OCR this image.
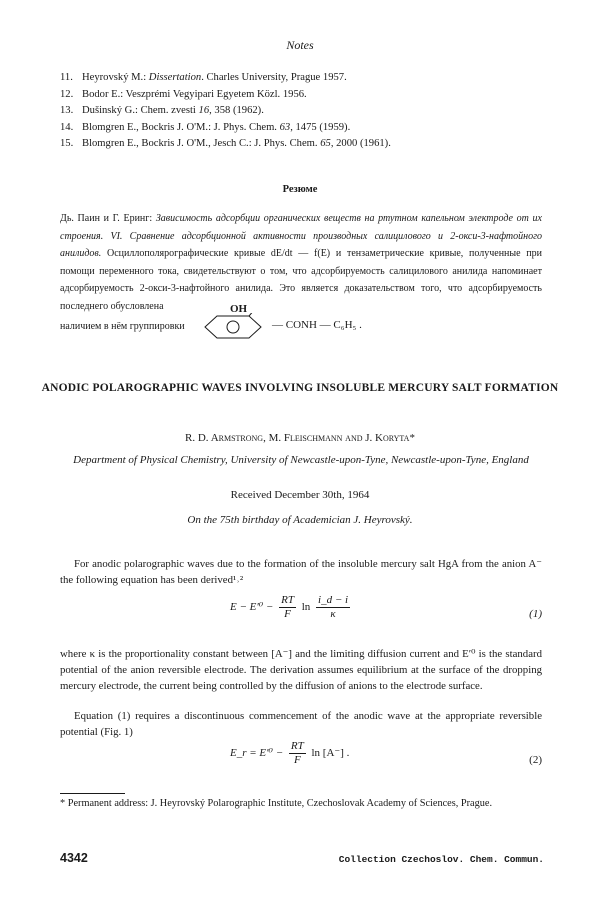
Notes
11. Heyrovský M.: Dissertation. Charles University, Prague 1957.
12. Bodor E.: Veszprémi Vegyipari Egyetem Közl. 1956.
13. Dušinský G.: Chem. zvesti 16, 358 (1962).
14. Blomgren E., Bockris J. O'M.: J. Phys. Chem. 63, 1475 (1959).
15. Blomgren E., Bockris J. O'M., Jesch C.: J. Phys. Chem. 65, 2000 (1961).
Резюме
Дь. Паин и Г. Еринг: Зависимость адсорбции органических веществ на ртутном капельном электроде от их строения. VI. Сравнение адсорбционной активности производных салицилового и 2-окси-3-нафтойного анилидов. Осциллополярографические кривые dE/dt — f(E) и тензаметрические кривые, полученные при помощи переменного тока, свидетельствуют о том, что адсорбируемость салицилового анилида напоминает адсорбируемость 2-окси-3-нафтойного анилида. Это является доказательством того, что адсорбируемость последнего обусловлена
наличием в нём группировки
OH
— CONH — C₆H₅ .
ANODIC POLAROGRAPHIC WAVES INVOLVING INSOLUBLE MERCURY SALT FORMATION
R. D. Armstrong, M. Fleischmann and J. Koryta*
Department of Physical Chemistry, University of Newcastle-upon-Tyne, Newcastle-upon-Tyne, England
Received December 30th, 1964
On the 75th birthday of Academician J. Heyrovský.
For anodic polarographic waves due to the formation of the insoluble mercury salt HgA from the anion A⁻ the following equation has been derived¹˒²
$E - E'^0 - \frac{RT}{F}$ $\ln \frac{i\_d - i}{\kappa}$	(1)
where κ is the proportionality constant between [A⁻] and the limiting diffusion current and E′⁰ is the standard potential of the anion reversible electrode. The derivation assumes equilibrium at the surface of the dropping mercury electrode, the current being controlled by the diffusion of anions to the electrode surface.
Equation (1) requires a discontinuous commencement of the anodic wave at the appropriate reversible potential (Fig. 1)
E_r = $E'^0 - \frac{RT}{F}$ ln [A⁻] .
(2)
* Permanent address: J. Heyrovský Polarographic Institute, Czechoslovak Academy of Sciences, Prague.
4342	Collection Czechoslov. Chem. Commun.
